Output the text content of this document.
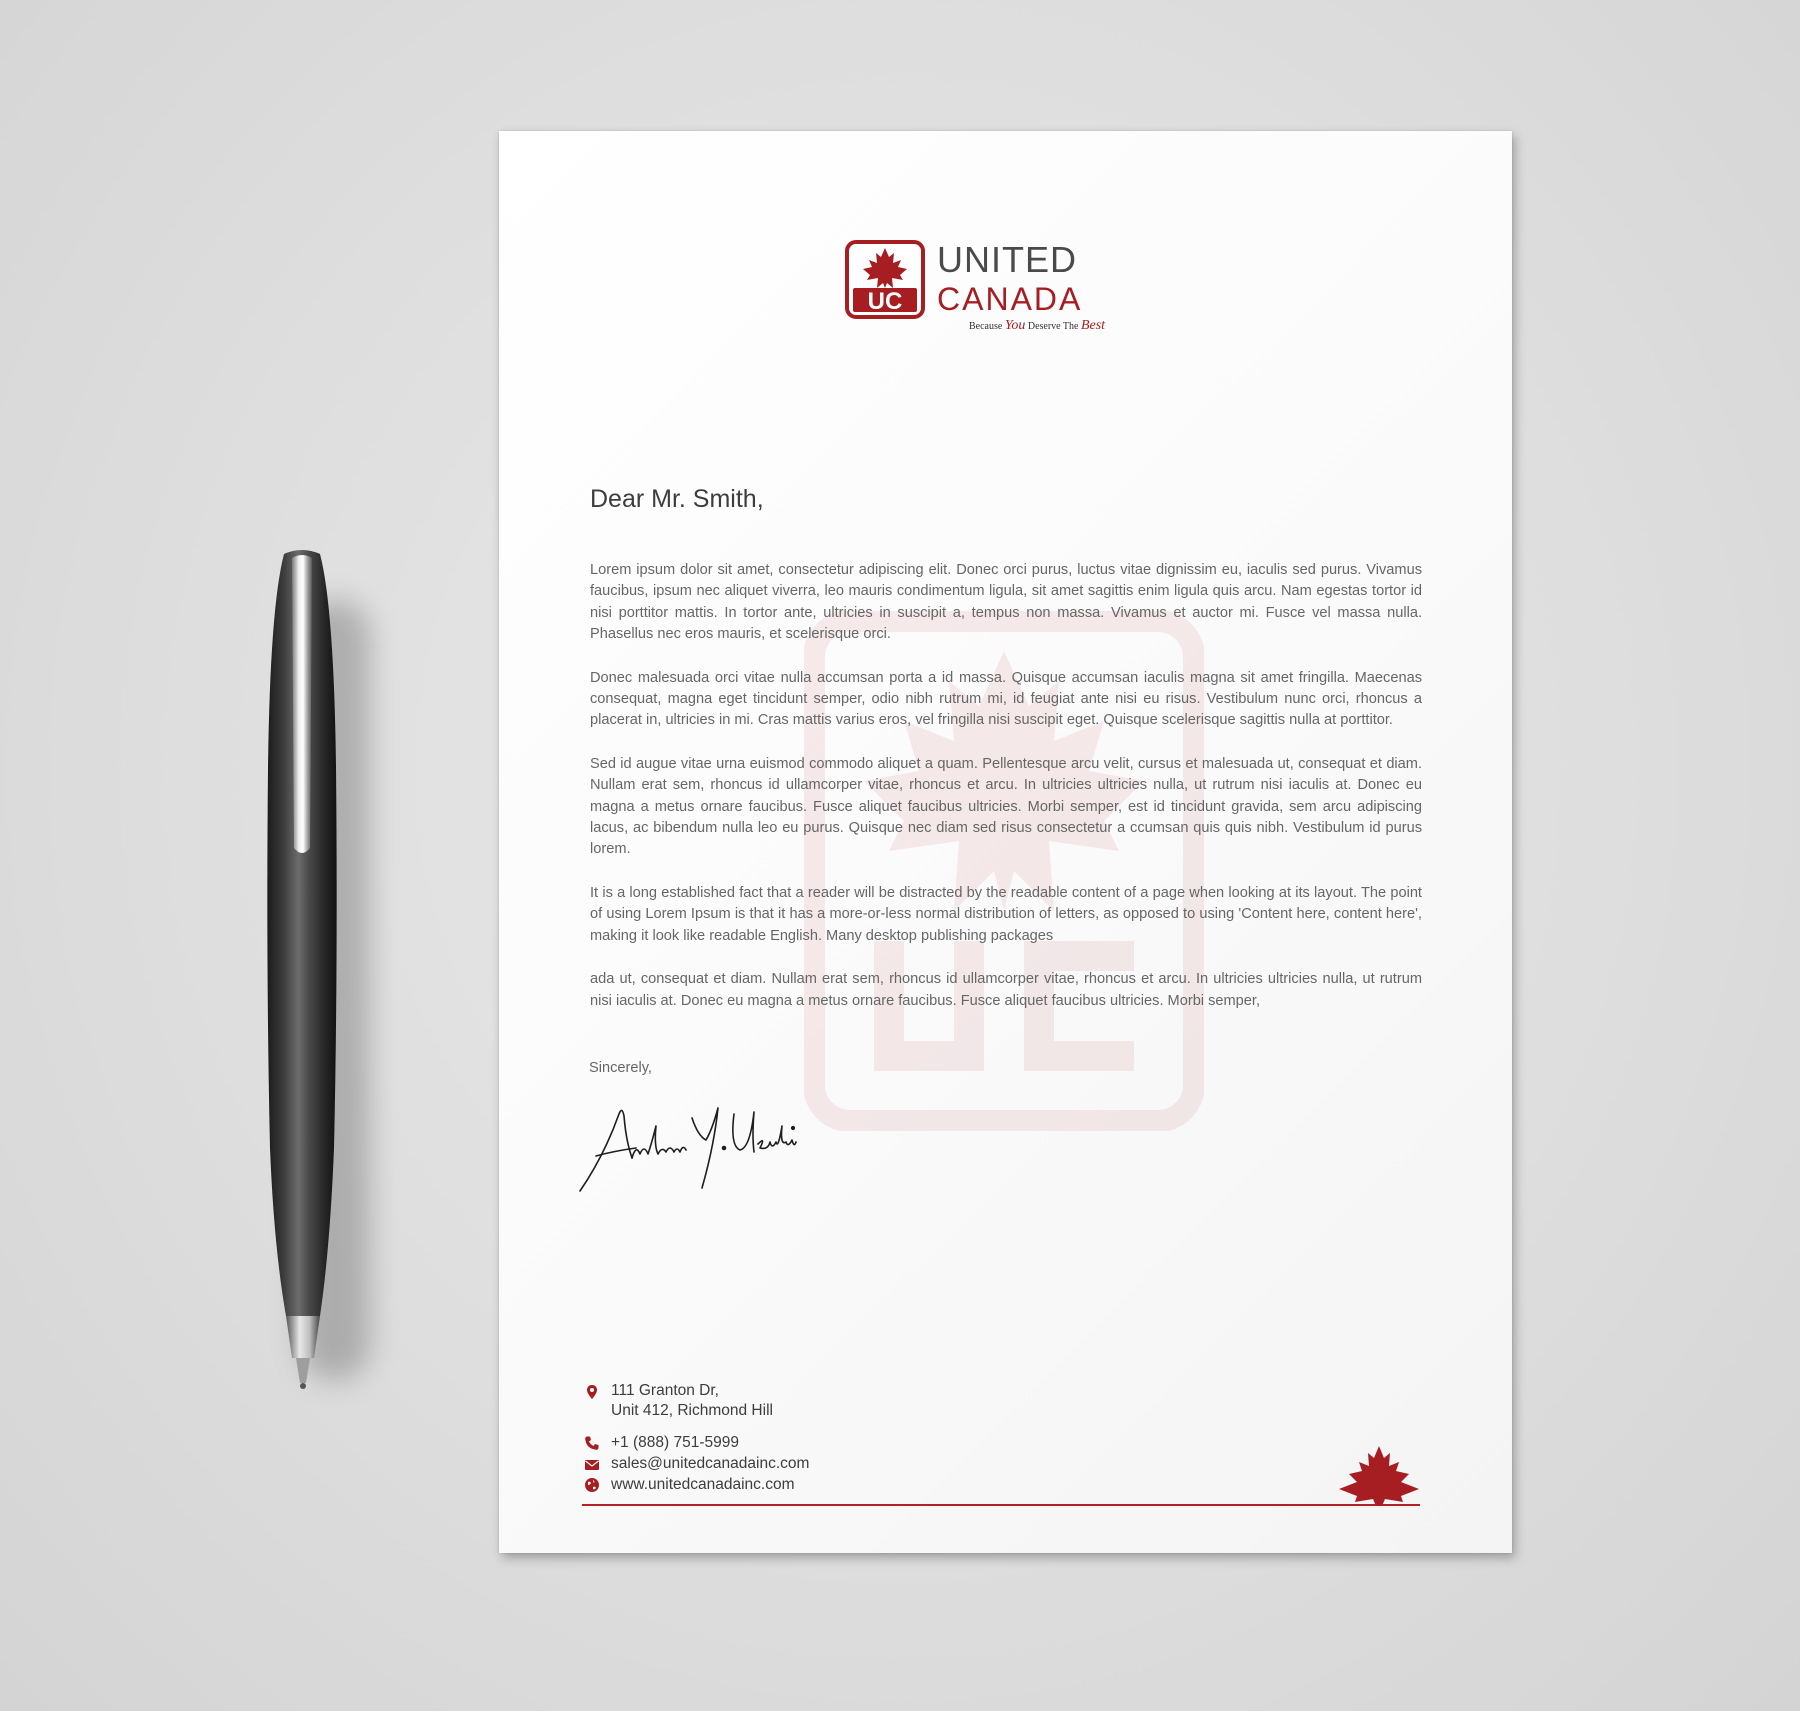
UC
UNITED
CANADA
Because You Deserve The Best
Dear Mr. Smith,

Lorem ipsum dolor sit amet, consectetur adipiscing elit. Donec orci purus, luctus vitae dignissim eu, iaculis sed purus. Vivamus faucibus, ipsum nec aliquet viverra, leo mauris condimentum ligula, sit amet sagittis enim ligula quis arcu. Nam egestas tortor id nisi porttitor mattis. In tortor ante, ultricies in suscipit a, tempus non massa. Vivamus et auctor mi. Fusce vel massa nulla. Phasellus nec eros mauris, et scelerisque orci.

Donec malesuada orci vitae nulla accumsan porta a id massa. Quisque accumsan iaculis magna sit amet fringilla. Maecenas consequat, magna eget tincidunt semper, odio nibh rutrum mi, id feugiat ante nisi eu risus. Vestibulum nunc orci, rhoncus a placerat in, ultricies in mi. Cras mattis varius eros, vel fringilla nisi suscipit eget. Quisque scelerisque sagittis nulla at porttitor.

Sed id augue vitae urna euismod commodo aliquet a quam. Pellentesque arcu velit, cursus et malesuada ut, consequat et diam. Nullam erat sem, rhoncus id ullamcorper vitae, rhoncus et arcu. In ultricies ultricies nulla, ut rutrum nisi iaculis at. Donec eu magna a metus ornare faucibus. Fusce aliquet faucibus ultricies. Morbi semper, est id tincidunt gravida, sem arcu adipiscing lacus, ac bibendum nulla leo eu purus. Quisque nec diam sed risus consectetur a ccumsan quis quis nibh. Vestibulum id purus lorem.

It is a long established fact that a reader will be distracted by the readable content of a page when looking at its layout. The point of using Lorem Ipsum is that it has a more-or-less normal distribution of letters, as opposed to using 'Content here, content here', making it look like readable English. Many desktop publishing packages

ada ut, consequat et diam. Nullam erat sem, rhoncus id ullamcorper vitae, rhoncus et arcu. In ultricies ultricies nulla, ut rutrum nisi iaculis at. Donec eu magna a metus ornare faucibus. Fusce aliquet faucibus ultricies. Morbi semper,

Sincerely,
111 Granton Dr,
Unit 412, Richmond Hill
+1 (888) 751-5999
sales@unitedcanadainc.com
www.unitedcanadainc.com
